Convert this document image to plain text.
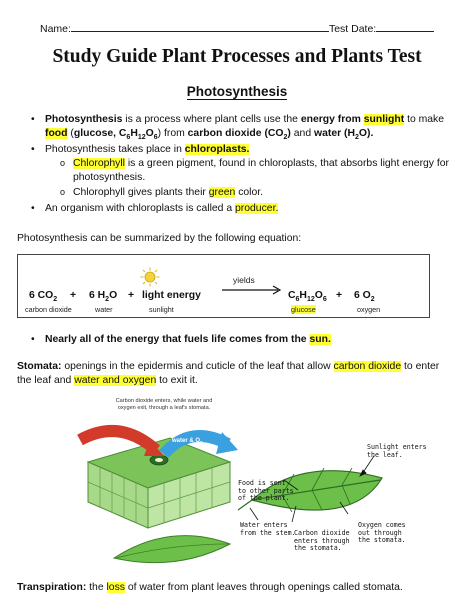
Name:	Test Date:
Study Guide Plant Processes and Plants Test
Photosynthesis
• Photosynthesis is a process where plant cells use the energy from sunlight to make
food (glucose, $C_6H_{12}O_6$) from carbon dioxide $(CO_2)$ and water $(H_2O)$.
• Photosynthesis takes place in chloroplasts.
o Chlorophyll is a green pigment, found in chloroplasts, that absorbs light energy for
photosynthesis.
o Chlorophyll gives plants their green color.
• An organism with chloroplasts is called a producer.
Photosynthesis can be summarized by the following equation:
yields
6 $CO_2 + 6$ $H_2O$ + light energy	$C_6H_{12}O_6 + 6$ $O_2$
carbon dioxide	water	sunlight	glucose	oxygen
• Nearly all of the energy that fuels life comes from the sun.
Stomata: openings in the epidermis and cuticle of the leaf that allow carbon dioxide to enter
the leaf and water and oxygen to exit it.
Carbon dioxide enters, while water and
oxygen exit, through a leaf's stomata.
$CO_2$
water & $O_2$
Food is sent
to other parts
of the plant.
Sunlight enters
the leaf.
Water enters
from the stem.
Carbon dioxide
enters through
the stomata.
Oxygen comes
out through
the stomata.
Transpiration: the loss of water from plant leaves through openings called stomata.
